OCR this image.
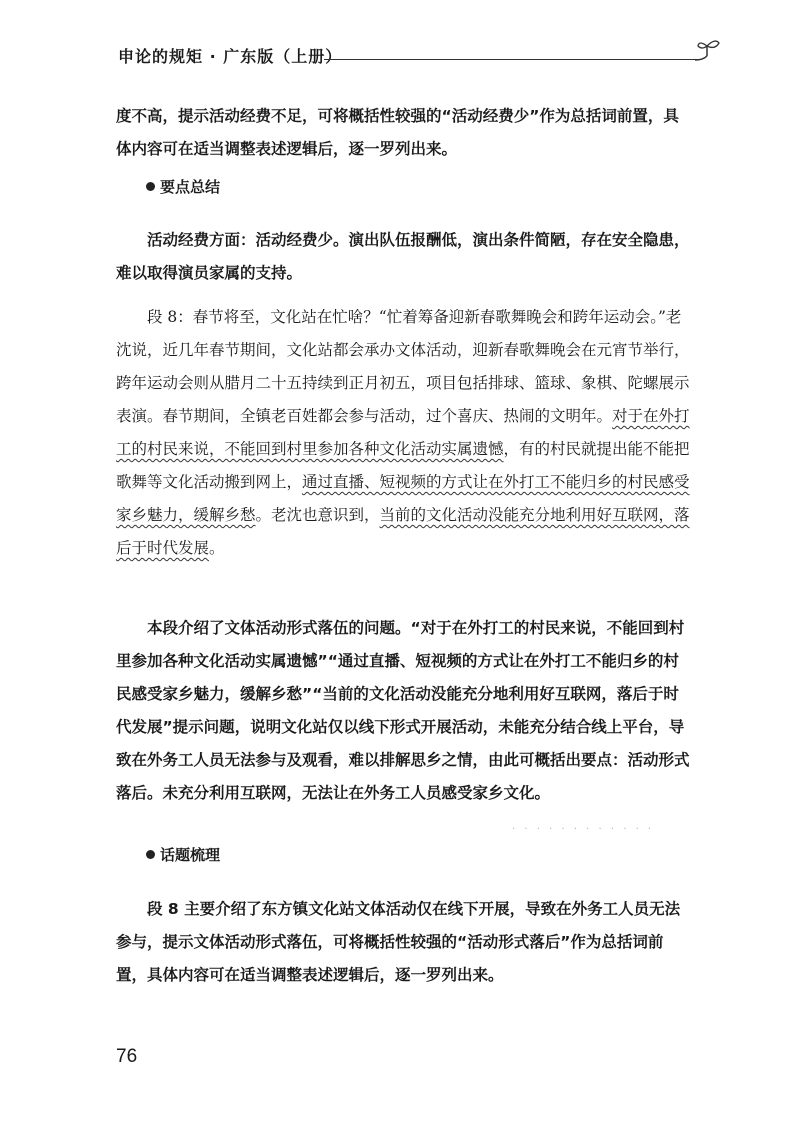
申论的规矩 · 广东版（上册）

度不高，提示活动经费不足，可将概括性较强的“活动经费少”作为总括词前置，具体内容可在适当调整表述逻辑后，逐一罗列出来。

要点总结

活动经费方面：活动经费少。演出队伍报酬低，演出条件简陋，存在安全隐患，难以取得演员家属的支持。

段 8：春节将至，文化站在忙啥？“忙着筹备迎新春歌舞晚会和跨年运动会。”老沈说，近几年春节期间，文化站都会承办文体活动，迎新春歌舞晚会在元宵节举行，跨年运动会则从腊月二十五持续到正月初五，项目包括排球、篮球、象棋、陀螺展示表演。春节期间，全镇老百姓都会参与活动，过个喜庆、热闹的文明年。对于在外打工的村民来说，不能回到村里参加各种文化活动实属遗憾，有的村民就提出能不能把歌舞等文化活动搬到网上，通过直播、短视频的方式让在外打工不能归乡的村民感受家乡魅力，缓解乡愁。老沈也意识到，当前的文化活动没能充分地利用好互联网，落后于时代发展。

本段介绍了文体活动形式落伍的问题。“对于在外打工的村民来说，不能回到村里参加各种文化活动实属遗憾”“通过直播、短视频的方式让在外打工不能归乡的村民感受家乡魅力，缓解乡愁”“当前的文化活动没能充分地利用好互联网，落后于时代发展”提示问题，说明文化站仅以线下形式开展活动，未能充分结合线上平台，导致在外务工人员无法参与及观看，难以排解思乡之情，由此可概括出要点：活动形式落后。未充分利用互联网，无法让在外务工人员感受家乡文化。

· · · · · · · · · · · ·
话题梳理

段 8 主要介绍了东方镇文化站文体活动仅在线下开展，导致在外务工人员无法参与，提示文体活动形式落伍，可将概括性较强的“活动形式落后”作为总括词前置，具体内容可在适当调整表述逻辑后，逐一罗列出来。

76
